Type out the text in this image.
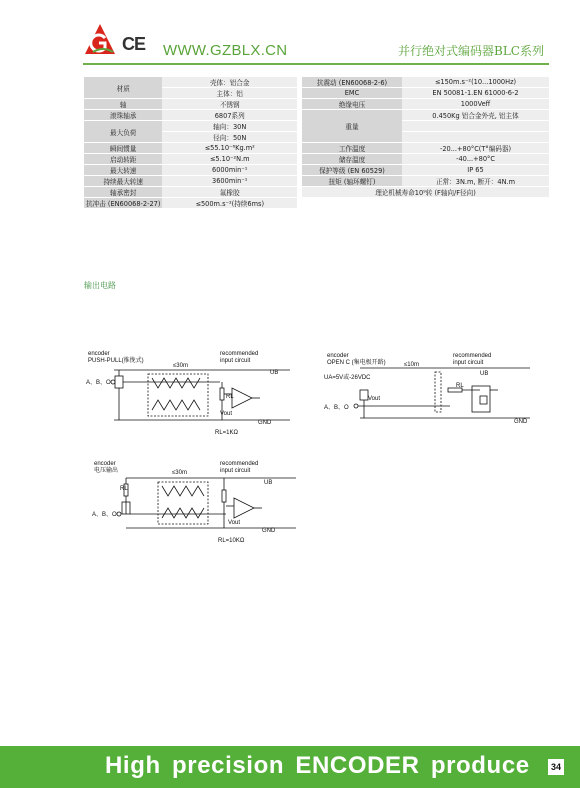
CE WWW.GZBLX.CN	并行绝对式编码器BLC系列
材质	壳体：铝合金
	主体：铝
轴	不锈钢
滚珠轴承	6807系列
最大负荷	轴向：30N
	径向：50N
瞬间惯量	≤55.10⁻⁶Kg.m²
启动转距	≤5.10⁻²N.m
最大转速	6000min⁻¹
持续最大转速	3600min⁻¹
轴承密封	氟橡胶
抗冲击 (EN60068-2-27)	≤500m.s⁻²(持续6ms)
抗震动 (EN60068-2-6)	≤150m.s⁻²(10...1000Hz)
EMC	EN 50081-1.EN 61000-6-2
绝缘电压	1000Veff
重量	0.450Kg 铝合金外壳, 铝主体

工作温度	-20...+80°C(T°编码器)
储存温度	-40...+80°C
保护等级 (EN 60529)	IP 65
扭矩 (轴环螺钉)	正常：3N.m, 断开：4N.m
理论机械寿命10⁹转 (F轴向/F径向)	
输出电路
encoder
PUSH-PULL(推挽式)
≤30m
recommended
input circuit
UB
A、B、O
GND
RL=1KΩ
RL
Vout
encoder
OPEN C (集电极开路)	≤10m
recommended
input circuit
UB
UA=5V或-26VDC
A、B、O
GND
RL
Vout
encoder
电压输出	≤30m
recommended
input circuit
UB
A、B、O
GND
RL=10KΩ
RL
Vout
High precision ENCODER produce	34
